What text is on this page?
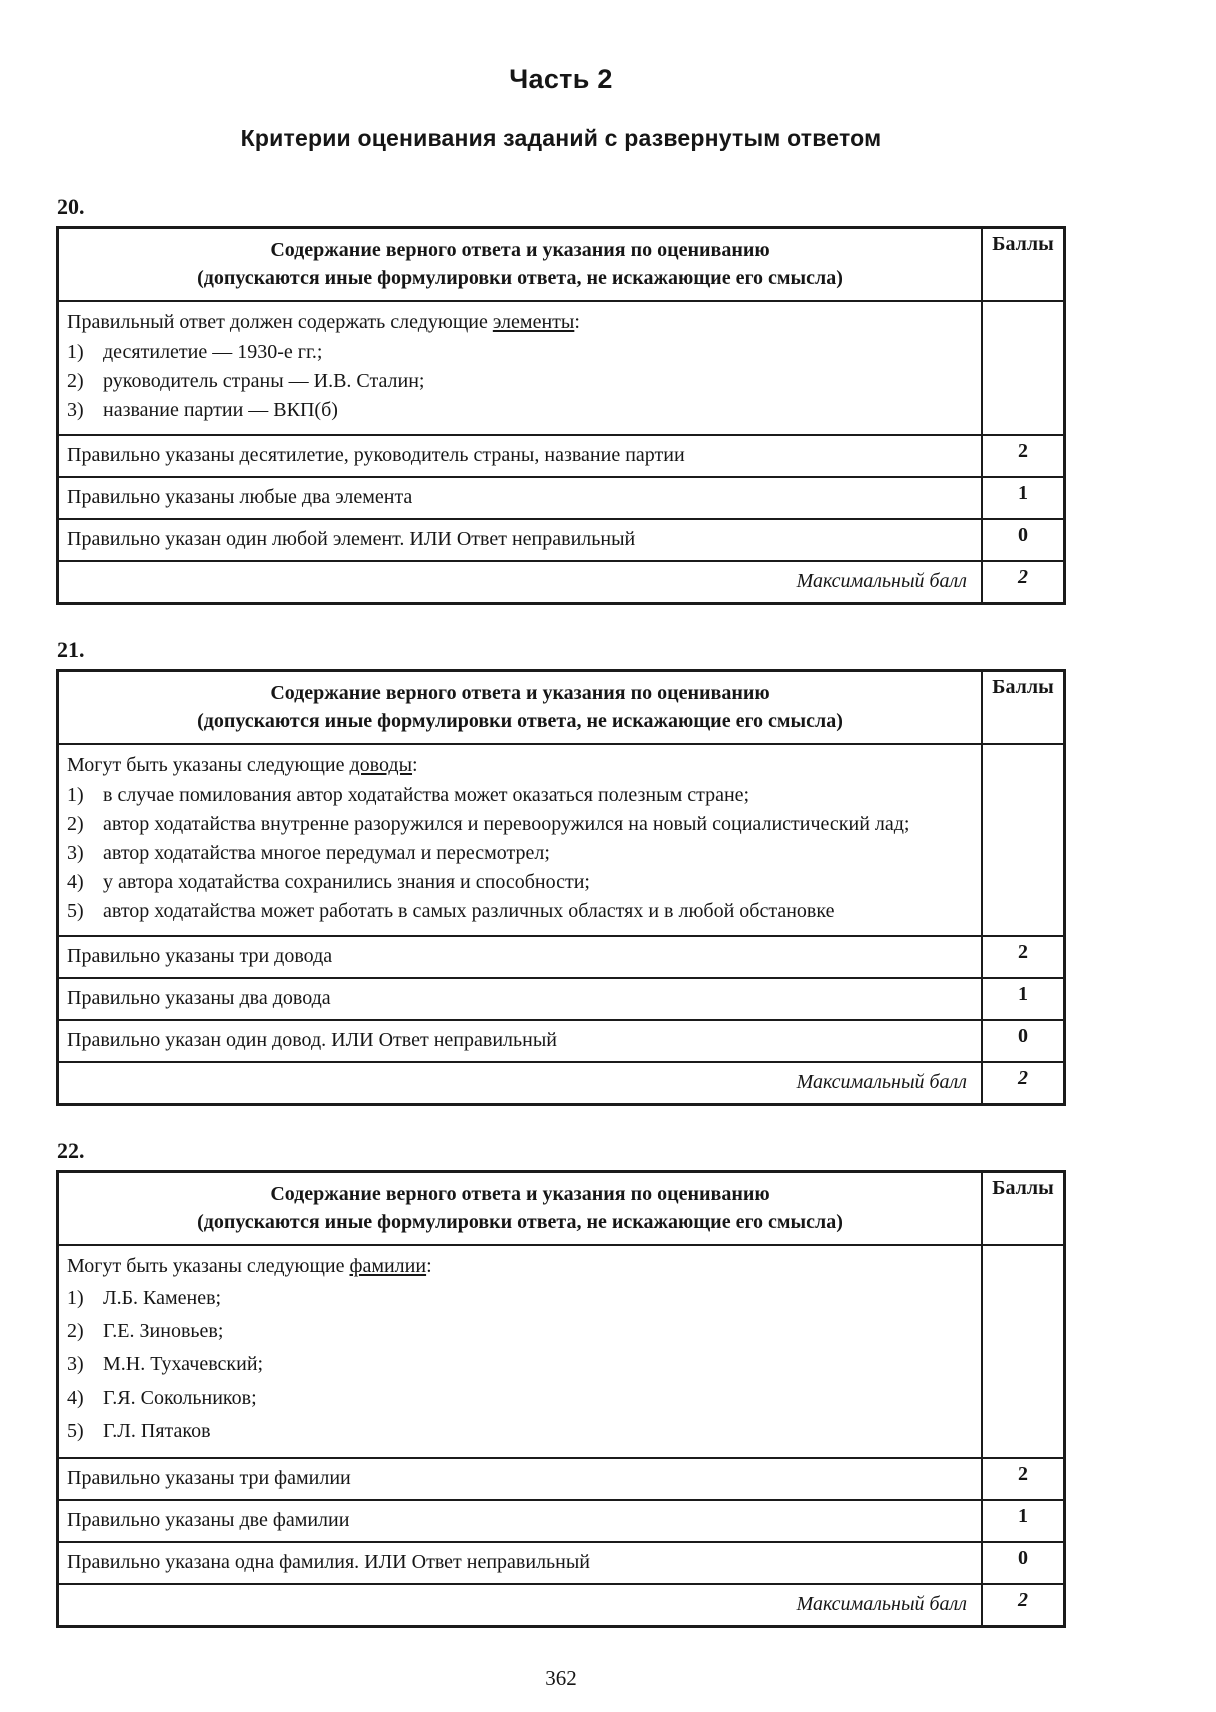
Часть 2
Критерии оценивания заданий с развернутым ответом
20.
Содержание верного ответа и указания по оцениванию
(допускаются иные формулировки ответа, не искажающие его смысла)	Баллы

Правильный ответ должен содержать следующие элементы:
1) десятилетие — 1930-е гг.;
2) руководитель страны — И.В. Сталин;
3) название партии — ВКП(б)

Правильно указаны десятилетие, руководитель страны, название партии	2
Правильно указаны любые два элемента	1
Правильно указан один любой элемент. ИЛИ Ответ неправильный	0
Максимальный балл	2
21.
Содержание верного ответа и указания по оцениванию
(допускаются иные формулировки ответа, не искажающие его смысла)	Баллы

Могут быть указаны следующие доводы:
1) в случае помилования автор ходатайства может оказаться полезным стране;
2) автор ходатайства внутренне разоружился и перевооружился на новый социалистический лад;
3) автор ходатайства многое передумал и пересмотрел;
4) у автора ходатайства сохранились знания и способности;
5) автор ходатайства может работать в самых различных областях и в любой обстановке

Правильно указаны три довода	2
Правильно указаны два довода	1
Правильно указан один довод. ИЛИ Ответ неправильный	0
Максимальный балл	2
22.
Содержание верного ответа и указания по оцениванию
(допускаются иные формулировки ответа, не искажающие его смысла)	Баллы

Могут быть указаны следующие фамилии:
1) Л.Б. Каменев;
2) Г.Е. Зиновьев;
3) М.Н. Тухачевский;
4) Г.Я. Сокольников;
5) Г.Л. Пятаков

Правильно указаны три фамилии	2
Правильно указаны две фамилии	1
Правильно указана одна фамилия. ИЛИ Ответ неправильный	0
Максимальный балл	2
362
